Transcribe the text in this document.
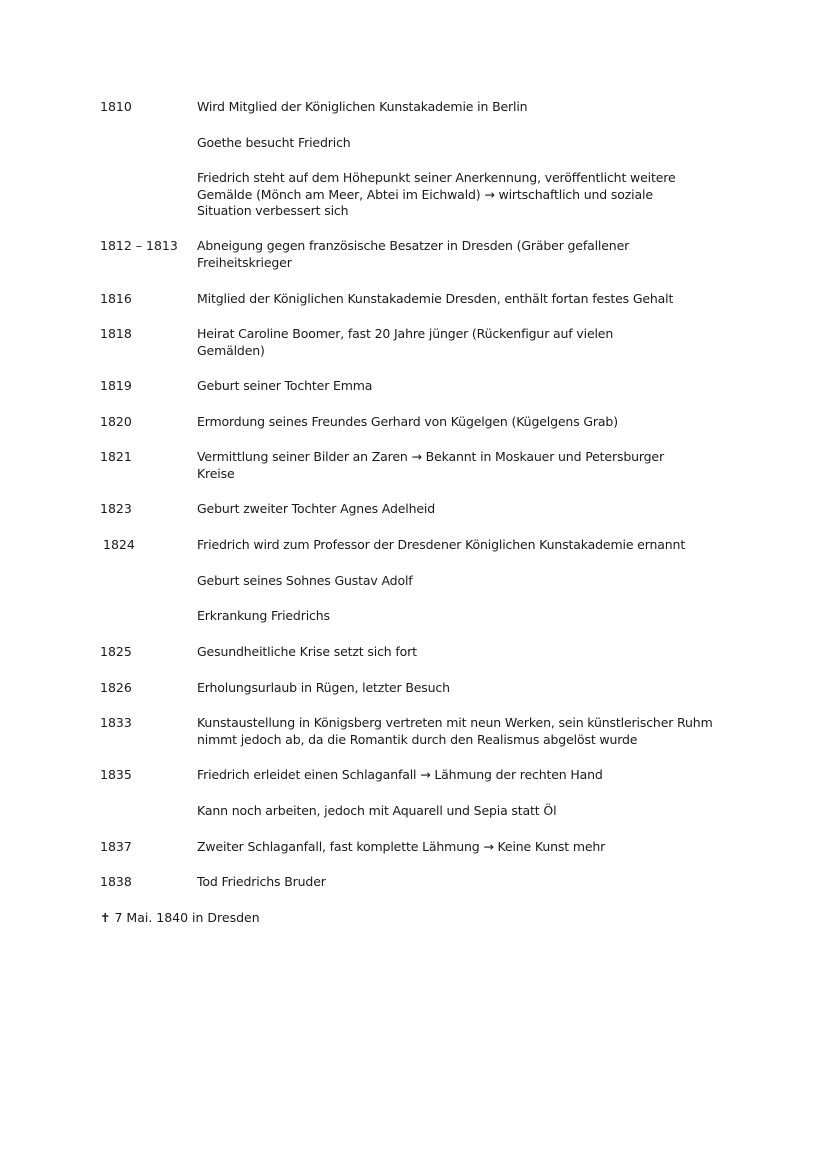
1810	Wird Mitglied der Königlichen Kunstakademie in Berlin
Goethe besucht Friedrich
Friedrich steht auf dem Höhepunkt seiner Anerkennung, veröffentlicht weitere Gemälde (Mönch am Meer, Abtei im Eichwald) → wirtschaftlich und soziale Situation verbessert sich
1812 – 1813 Abneigung gegen französische Besatzer in Dresden (Gräber gefallener Freiheitskrieger
1816	Mitglied der Königlichen Kunstakademie Dresden, enthält fortan festes Gehalt
1818	Heirat Caroline Boomer, fast 20 Jahre jünger (Rückenfigur auf vielen Gemälden)
1819	Geburt seiner Tochter Emma
1820	Ermordung seines Freundes Gerhard von Kügelgen (Kügelgens Grab)
1821	Vermittlung seiner Bilder an Zaren → Bekannt in Moskauer und Petersburger Kreise
1823	Geburt zweiter Tochter Agnes Adelheid
1824	Friedrich wird zum Professor der Dresdener Königlichen Kunstakademie ernannt
Geburt seines Sohnes Gustav Adolf
Erkrankung Friedrichs
1825	Gesundheitliche Krise setzt sich fort
1826	Erholungsurlaub in Rügen, letzter Besuch
1833	Kunstaustellung in Königsberg vertreten mit neun Werken, sein künstlerischer Ruhm nimmt jedoch ab, da die Romantik durch den Realismus abgelöst wurde
1835	Friedrich erleidet einen Schlaganfall → Lähmung der rechten Hand
Kann noch arbeiten, jedoch mit Aquarell und Sepia statt Öl
1837	Zweiter Schlaganfall, fast komplette Lähmung → Keine Kunst mehr
1838	Tod Friedrichs Bruder
✝ 7 Mai. 1840 in Dresden
